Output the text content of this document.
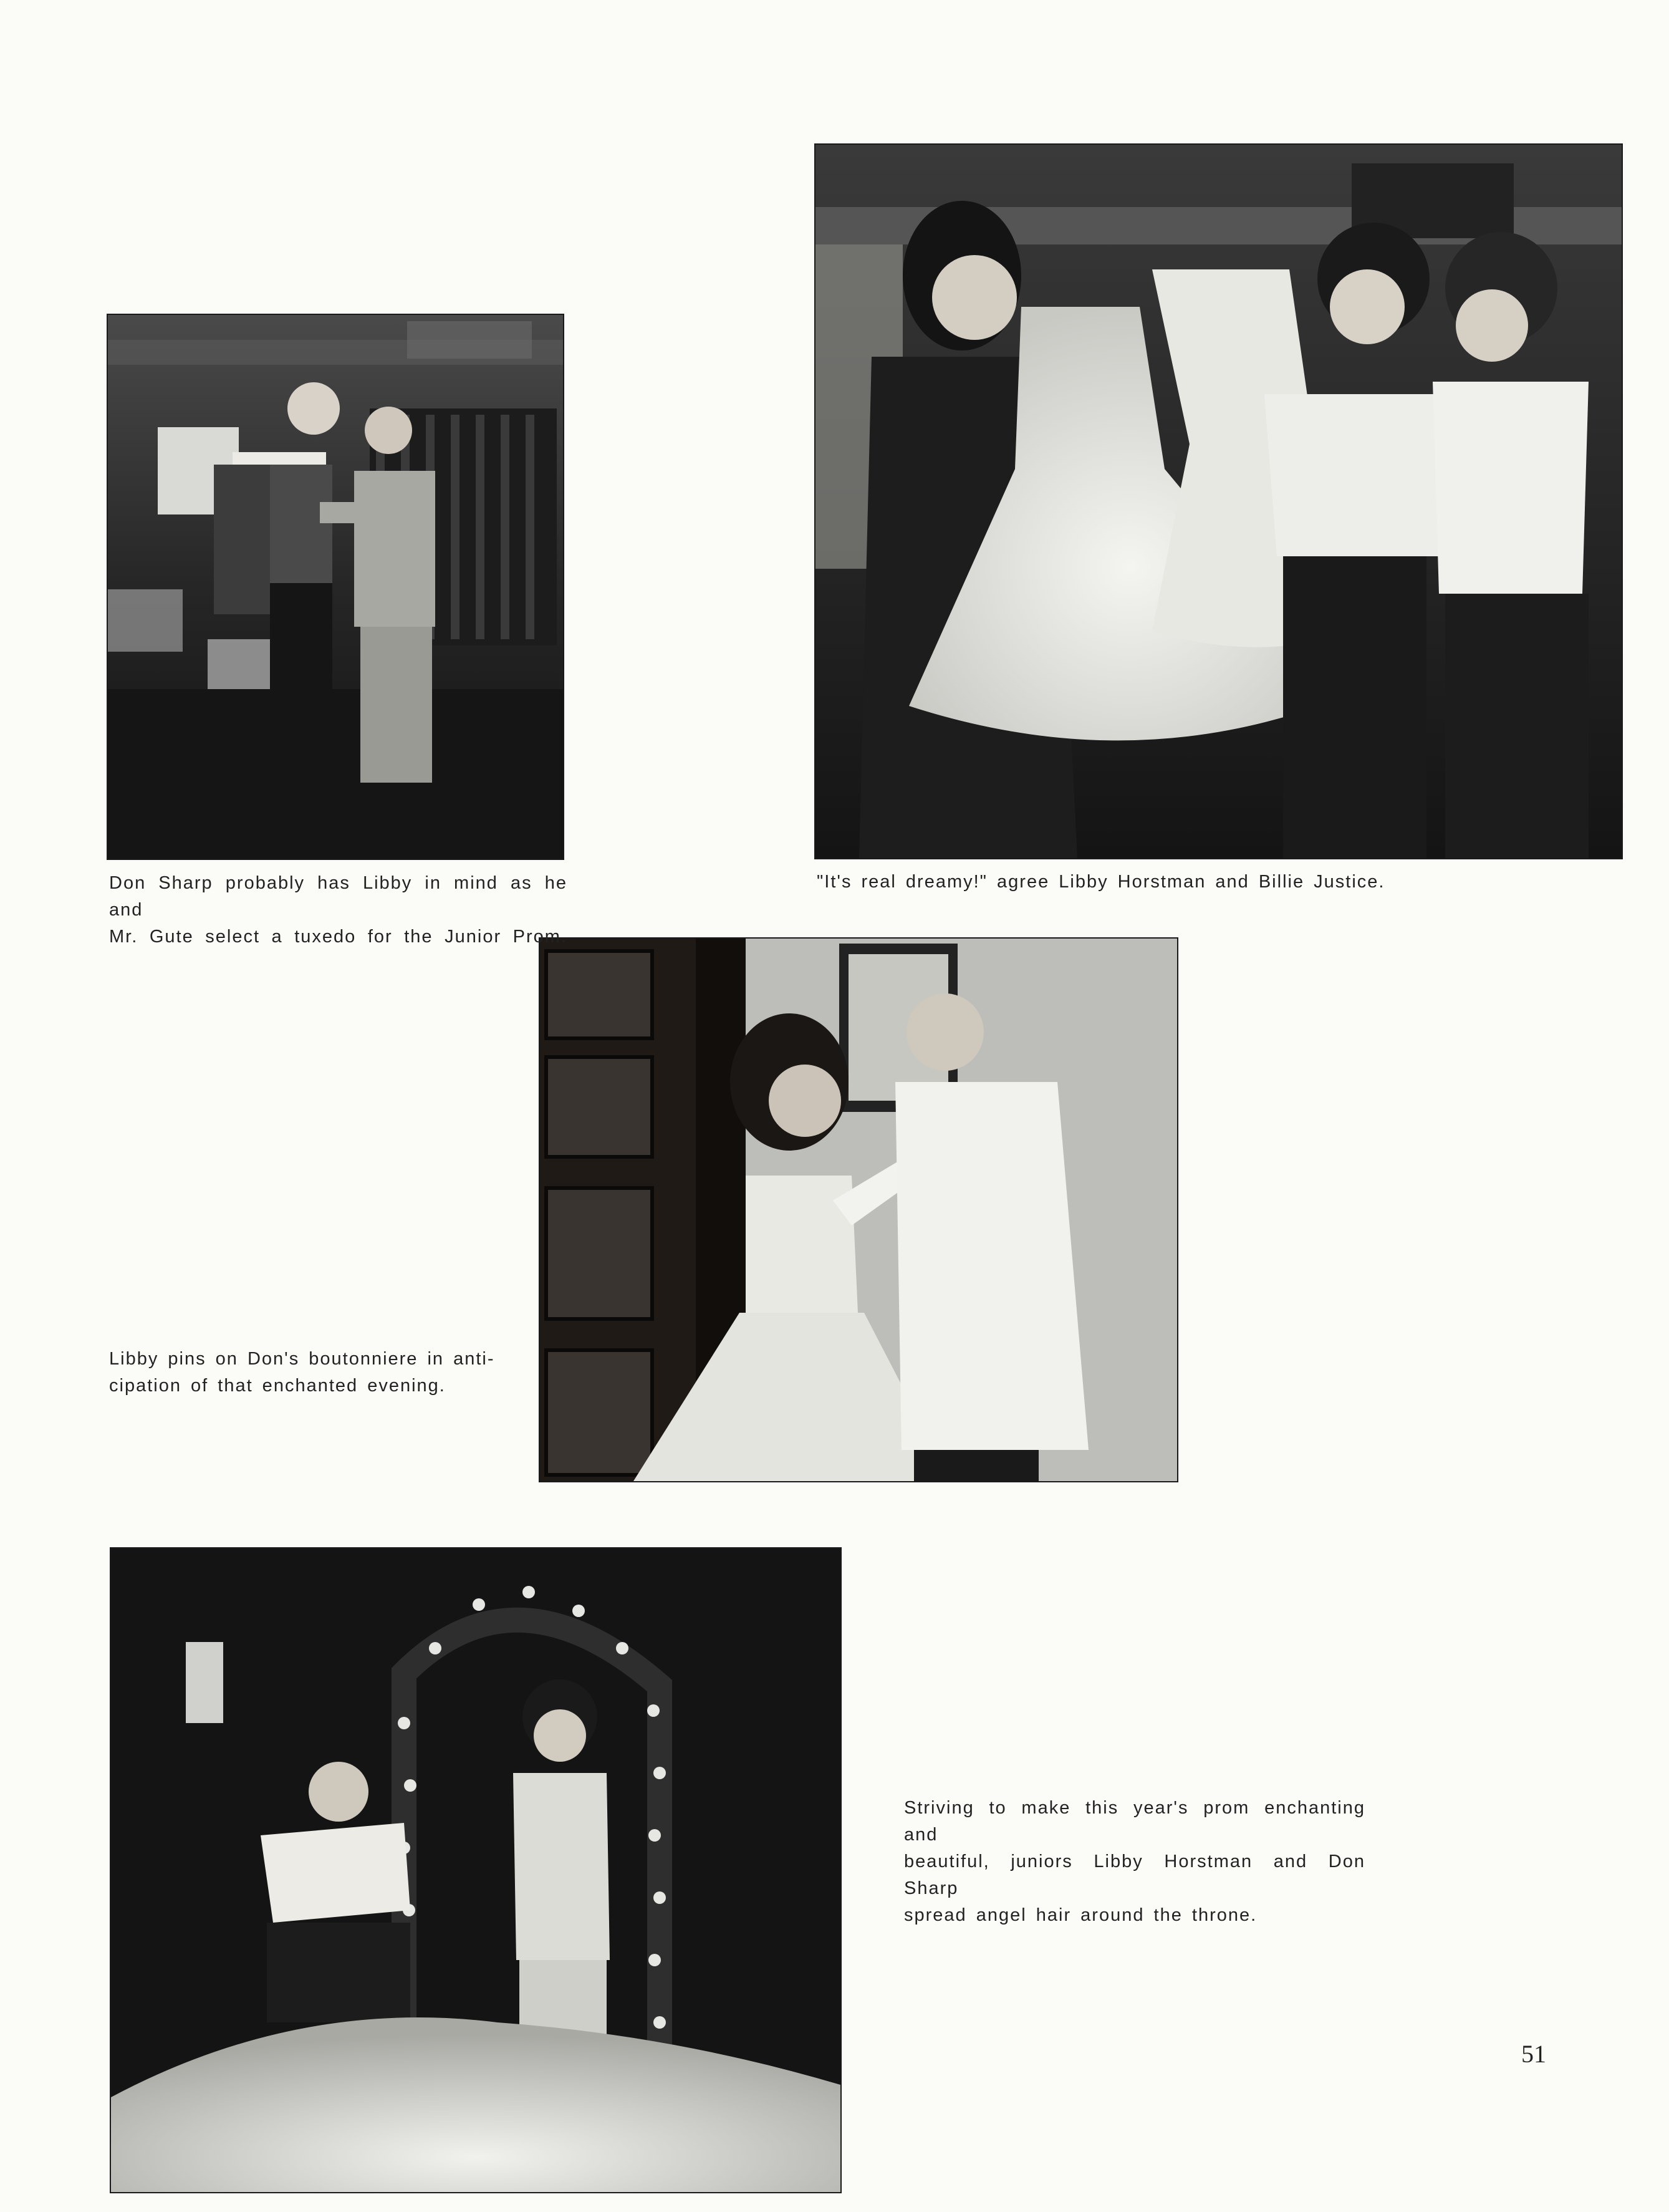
Don Sharp probably has Libby in mind as he and
Mr. Gute select a tuxedo for the Junior Prom.

"It's real dreamy!" agree Libby Horstman and Billie Justice.

Libby pins on Don's boutonniere in anti-
cipation of that enchanted evening.

Striving to make this year's prom enchanting and
beautiful, juniors Libby Horstman and Don Sharp
spread angel hair around the throne.

51
